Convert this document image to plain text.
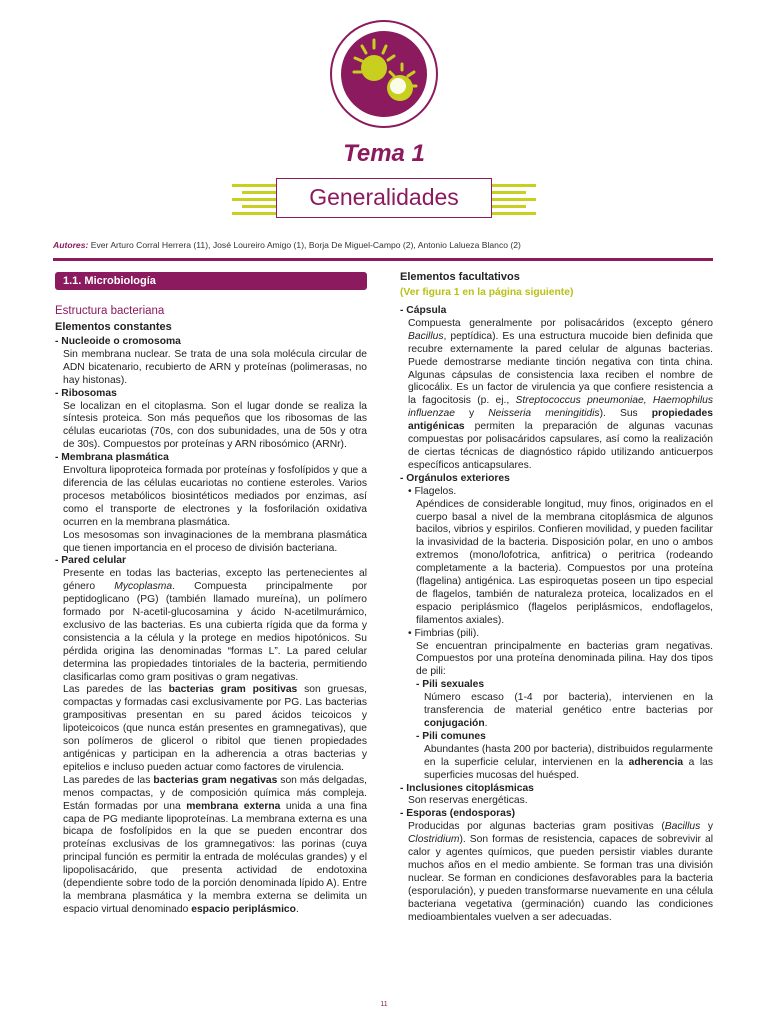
Tema 1
Generalidades
Autores: Ever Arturo Corral Herrera (11), José Loureiro Amigo (1), Borja De Miguel-Campo (2), Antonio Lalueza Blanco (2)
1.1. Microbiología
Estructura bacteriana
Elementos constantes

- Nucleoide o cromosoma

Sin membrana nuclear. Se trata de una sola molécula circular de ADN bicatenario, recubierto de ARN y proteínas (polimerasas, no hay histonas).

- Ribosomas

Se localizan en el citoplasma. Son el lugar donde se realiza la síntesis proteica. Son más pequeños que los ribosomas de las células eucariotas (70s, con dos subunidades, una de 50s y otra de 30s). Compuestos por proteínas y ARN ribosómico (ARNr).

- Membrana plasmática

Envoltura lipoproteica formada por proteínas y fosfolípidos y que a diferencia de las células eucariotas no contiene esteroles. Varios procesos metabólicos biosintéticos mediados por enzimas, así como el transporte de electrones y la fosforilación oxidativa ocurren en la membrana plasmática.

Los mesosomas son invaginaciones de la membrana plasmática que tienen importancia en el proceso de división bacteriana.

- Pared celular

Presente en todas las bacterias, excepto las pertenecientes al género Mycoplasma. Compuesta principalmente por peptidoglicano (PG) (también llamado mureína), un polímero formado por N-acetil-glucosamina y ácido N-acetilmurámico, exclusivo de las bacterias. Es una cubierta rígida que da forma y consistencia a la célula y la protege en medios hipotónicos. Su pérdida origina las denominadas “formas L”. La pared celular determina las propiedades tintoriales de la bacteria, permitiendo clasificarlas como gram positivas o gram negativas.

Las paredes de las bacterias gram positivas son gruesas, compactas y formadas casi exclusivamente por PG. Las bacterias grampositivas presentan en su pared ácidos teicoicos y lipoteicoicos (que nunca están presentes en gramnegativas), que son polímeros de glicerol o ribitol que tienen propiedades antigénicas y participan en la adherencia a otras bacterias y epitelios e incluso pueden actuar como factores de virulencia.

Las paredes de las bacterias gram negativas son más delgadas, menos compactas, y de composición química más compleja. Están formadas por una membrana externa unida a una fina capa de PG mediante lipoproteínas. La membrana externa es una bicapa de fosfolípidos en la que se pueden encontrar dos proteínas exclusivas de los gramnegativos: las porinas (cuya principal función es permitir la entrada de moléculas grandes) y el lipopolisacárido, que presenta actividad de endotoxina (dependiente sobre todo de la porción denominada lípido A). Entre la membrana plasmática y la membra externa se delimita un espacio virtual denominado espacio periplásmico.

Elementos facultativos
(Ver figura 1 en la página siguiente)

- Cápsula

Compuesta generalmente por polisacáridos (excepto género Bacillus, peptídica). Es una estructura mucoide bien definida que recubre externamente la pared celular de algunas bacterias. Puede demostrarse mediante tinción negativa con tinta china. Algunas cápsulas de consistencia laxa reciben el nombre de glicocálix. Es un factor de virulencia ya que confiere resistencia a la fagocitosis (p. ej., Streptococcus pneumoniae, Haemophilus influenzae y Neisseria meningitidis). Sus propiedades antigénicas permiten la preparación de algunas vacunas compuestas por polisacáridos capsulares, así como la realización de ciertas técnicas de diagnóstico rápido utilizando anticuerpos específicos anticapsulares.

- Orgánulos exteriores

• Flagelos.

Apéndices de considerable longitud, muy finos, originados en el cuerpo basal a nivel de la membrana citoplásmica de algunos bacilos, vibrios y espirilos. Confieren movilidad, y pueden facilitar la invasividad de la bacteria. Disposición polar, en uno o ambos extremos (mono/lofotrica, anfitrica) o peritrica (rodeando completamente a la bacteria). Compuestos por una proteína (flagelina) antigénica. Las espiroquetas poseen un tipo especial de flagelos, también de naturaleza proteica, localizados en el espacio periplásmico (flagelos periplásmicos, endoflagelos, filamentos axiales).

• Fimbrias (pili).

Se encuentran principalmente en bacterias gram negativas. Compuestos por una proteína denominada pilina. Hay dos tipos de pili:

- Pili sexuales

Número escaso (1-4 por bacteria), intervienen en la transferencia de material genético entre bacterias por conjugación.

- Pili comunes

Abundantes (hasta 200 por bacteria), distribuidos regularmente en la superficie celular, intervienen en la adherencia a las superficies mucosas del huésped.

- Inclusiones citoplásmicas

Son reservas energéticas.

- Esporas (endosporas)

Producidas por algunas bacterias gram positivas (Bacillus y Clostridium). Son formas de resistencia, capaces de sobrevivir al calor y agentes químicos, que pueden persistir viables durante muchos años en el medio ambiente. Se forman tras una división nuclear. Se forman en condiciones desfavorables para la bacteria (esporulación), y pueden transformarse nuevamente en una célula bacteriana vegetativa (germinación) cuando las condiciones medioambientales vuelven a ser adecuadas.

11
